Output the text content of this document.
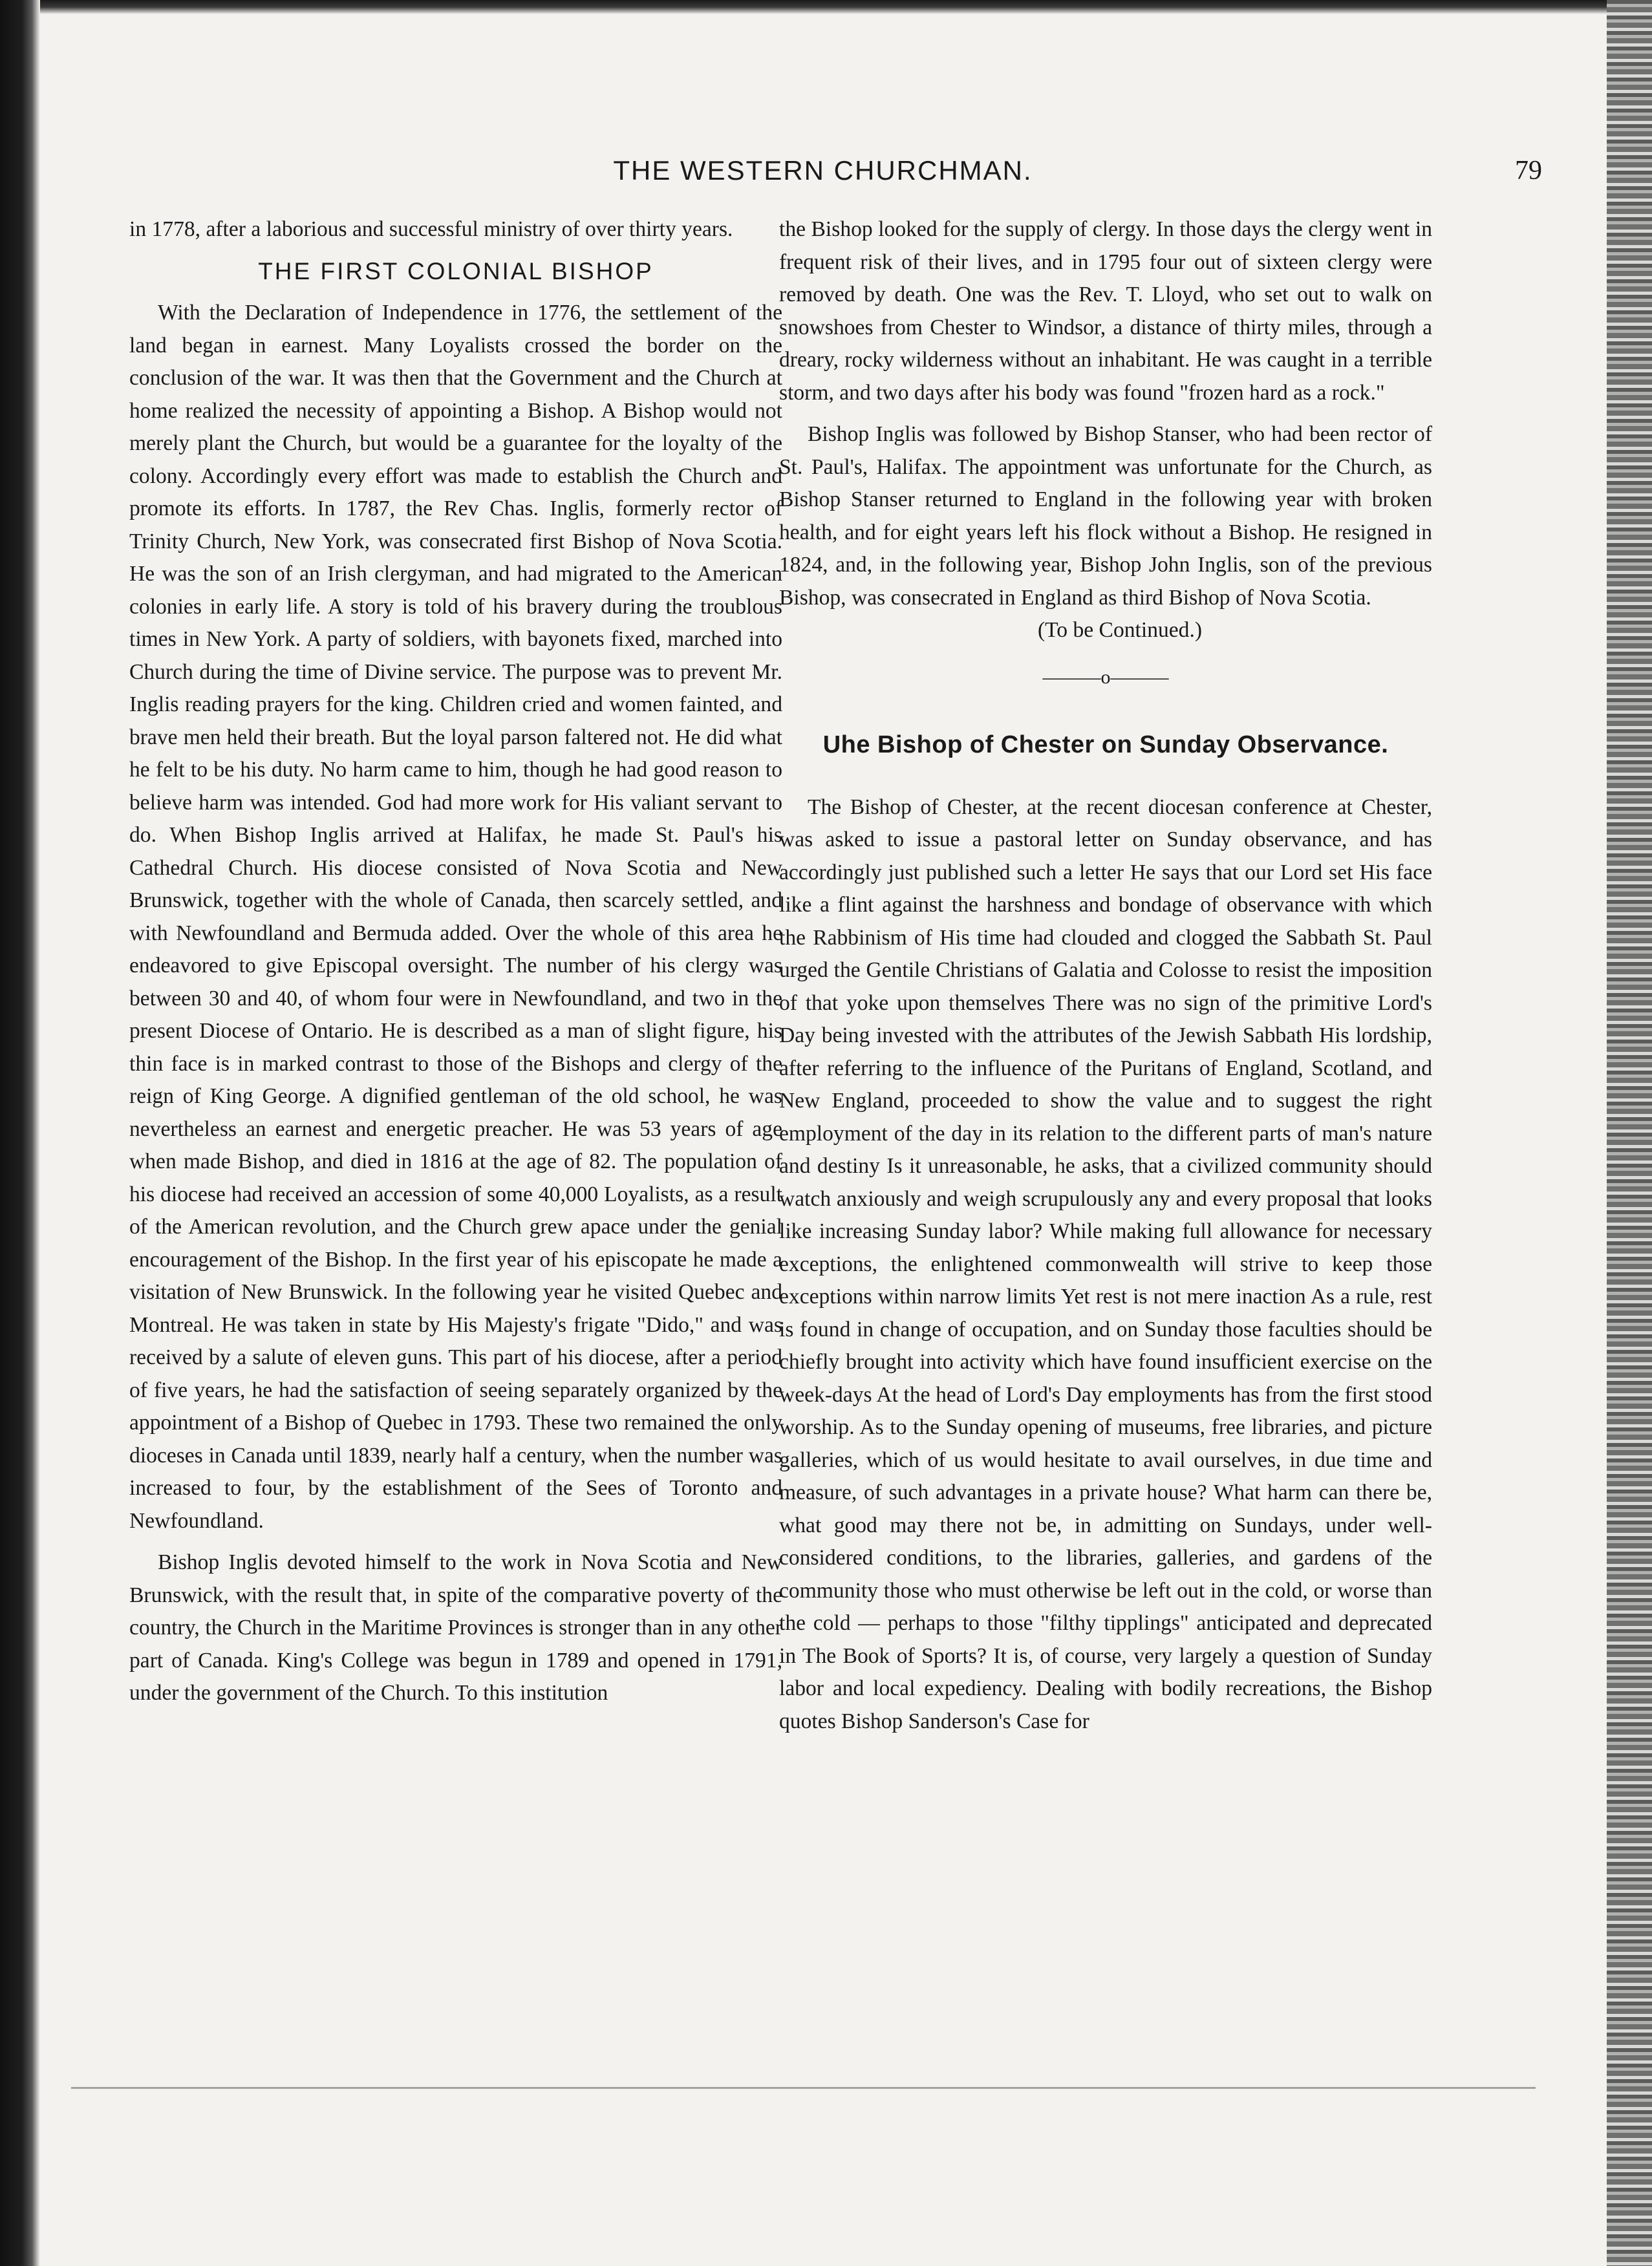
THE WESTERN CHURCHMAN.	79

in 1778, after a laborious and successful ministry of over thirty years.

THE FIRST COLONIAL BISHOP

With the Declaration of Independence in 1776, the settlement of the land began in earnest. Many Loyalists crossed the border on the conclusion of the war. It was then that the Government and the Church at home realized the necessity of appointing a Bishop. A Bishop would not merely plant the Church, but would be a guarantee for the loyalty of the colony. Accordingly every effort was made to establish the Church and promote its efforts. In 1787, the Rev Chas. Inglis, formerly rector of Trinity Church, New York, was consecrated first Bishop of Nova Scotia. He was the son of an Irish clergyman, and had migrated to the American colonies in early life. A story is told of his bravery during the troublous times in New York. A party of soldiers, with bayonets fixed, marched into Church during the time of Divine service. The purpose was to prevent Mr. Inglis reading prayers for the king. Children cried and women fainted, and brave men held their breath. But the loyal parson faltered not. He did what he felt to be his duty. No harm came to him, though he had good reason to believe harm was intended. God had more work for His valiant servant to do. When Bishop Inglis arrived at Halifax, he made St. Paul's his Cathedral Church. His diocese consisted of Nova Scotia and New Brunswick, together with the whole of Canada, then scarcely settled, and with Newfoundland and Bermuda added. Over the whole of this area he endeavored to give Episcopal oversight. The number of his clergy was between 30 and 40, of whom four were in Newfoundland, and two in the present Diocese of Ontario. He is described as a man of slight figure, his thin face is in marked contrast to those of the Bishops and clergy of the reign of King George. A dignified gentleman of the old school, he was nevertheless an earnest and energetic preacher. He was 53 years of age when made Bishop, and died in 1816 at the age of 82. The population of his diocese had received an accession of some 40,000 Loyalists, as a result of the American revolution, and the Church grew apace under the genial encouragement of the Bishop. In the first year of his episcopate he made a visitation of New Brunswick. In the following year he visited Quebec and Montreal. He was taken in state by His Majesty's frigate "Dido," and was received by a salute of eleven guns. This part of his diocese, after a period of five years, he had the satisfaction of seeing separately organized by the appointment of a Bishop of Quebec in 1793. These two remained the only dioceses in Canada until 1839, nearly half a century, when the number was increased to four, by the establishment of the Sees of Toronto and Newfoundland.

Bishop Inglis devoted himself to the work in Nova Scotia and New Brunswick, with the result that, in spite of the comparative poverty of the country, the Church in the Maritime Provinces is stronger than in any other part of Canada. King's College was begun in 1789 and opened in 1791, under the government of the Church. To this institution

the Bishop looked for the supply of clergy. In those days the clergy went in frequent risk of their lives, and in 1795 four out of sixteen clergy were removed by death. One was the Rev. T. Lloyd, who set out to walk on snowshoes from Chester to Windsor, a distance of thirty miles, through a dreary, rocky wilderness without an inhabitant. He was caught in a terrible storm, and two days after his body was found "frozen hard as a rock."

Bishop Inglis was followed by Bishop Stanser, who had been rector of St. Paul's, Halifax. The appointment was unfortunate for the Church, as Bishop Stanser returned to England in the following year with broken health, and for eight years left his flock without a Bishop. He resigned in 1824, and, in the following year, Bishop John Inglis, son of the previous Bishop, was consecrated in England as third Bishop of Nova Scotia.

(To be Continued.)

———o———
Uhe Bishop of Chester on Sunday Observance.

The Bishop of Chester, at the recent diocesan conference at Chester, was asked to issue a pastoral letter on Sunday observance, and has accordingly just published such a letter He says that our Lord set His face like a flint against the harshness and bondage of observance with which the Rabbinism of His time had clouded and clogged the Sabbath St. Paul urged the Gentile Christians of Galatia and Colosse to resist the imposition of that yoke upon themselves There was no sign of the primitive Lord's Day being invested with the attributes of the Jewish Sabbath His lordship, after referring to the influence of the Puritans of England, Scotland, and New England, proceeded to show the value and to suggest the right employment of the day in its relation to the different parts of man's nature and destiny Is it unreasonable, he asks, that a civilized community should watch anxiously and weigh scrupulously any and every proposal that looks like increasing Sunday labor? While making full allowance for necessary exceptions, the enlightened commonwealth will strive to keep those exceptions within narrow limits Yet rest is not mere inaction As a rule, rest is found in change of occupation, and on Sunday those faculties should be chiefly brought into activity which have found insufficient exercise on the week-days At the head of Lord's Day employments has from the first stood worship. As to the Sunday opening of museums, free libraries, and picture galleries, which of us would hesitate to avail ourselves, in due time and measure, of such advantages in a private house? What harm can there be, what good may there not be, in admitting on Sundays, under well-considered conditions, to the libraries, galleries, and gardens of the community those who must otherwise be left out in the cold, or worse than the cold — perhaps to those "filthy tipplings" anticipated and deprecated in The Book of Sports? It is, of course, very largely a question of Sunday labor and local expediency. Dealing with bodily recreations, the Bishop quotes Bishop Sanderson's Case for
